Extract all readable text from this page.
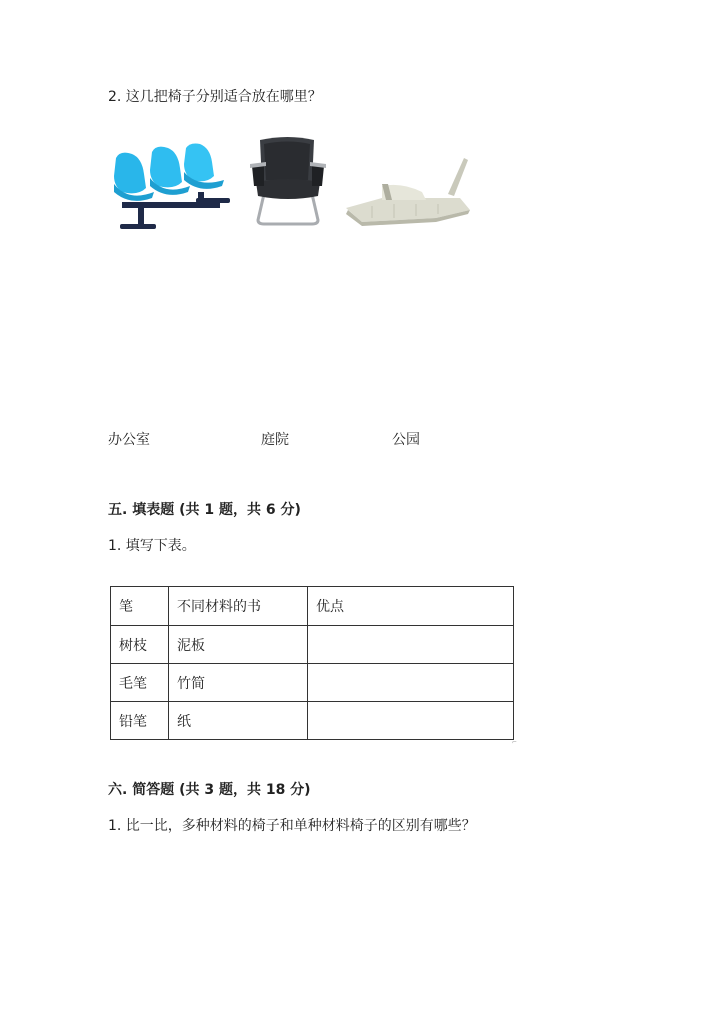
2. 这几把椅子分别适合放在哪里？
办公室	庭院	公园
五. 填表题 (共 1 题，共 6 分)
1. 填写下表。
笔	不同材料的书	优点
树枝	泥板	
毛笔	竹简	
铅笔	纸	
⌐
六. 简答题 (共 3 题，共 18 分)
1. 比一比，多种材料的椅子和单种材料椅子的区别有哪些？
